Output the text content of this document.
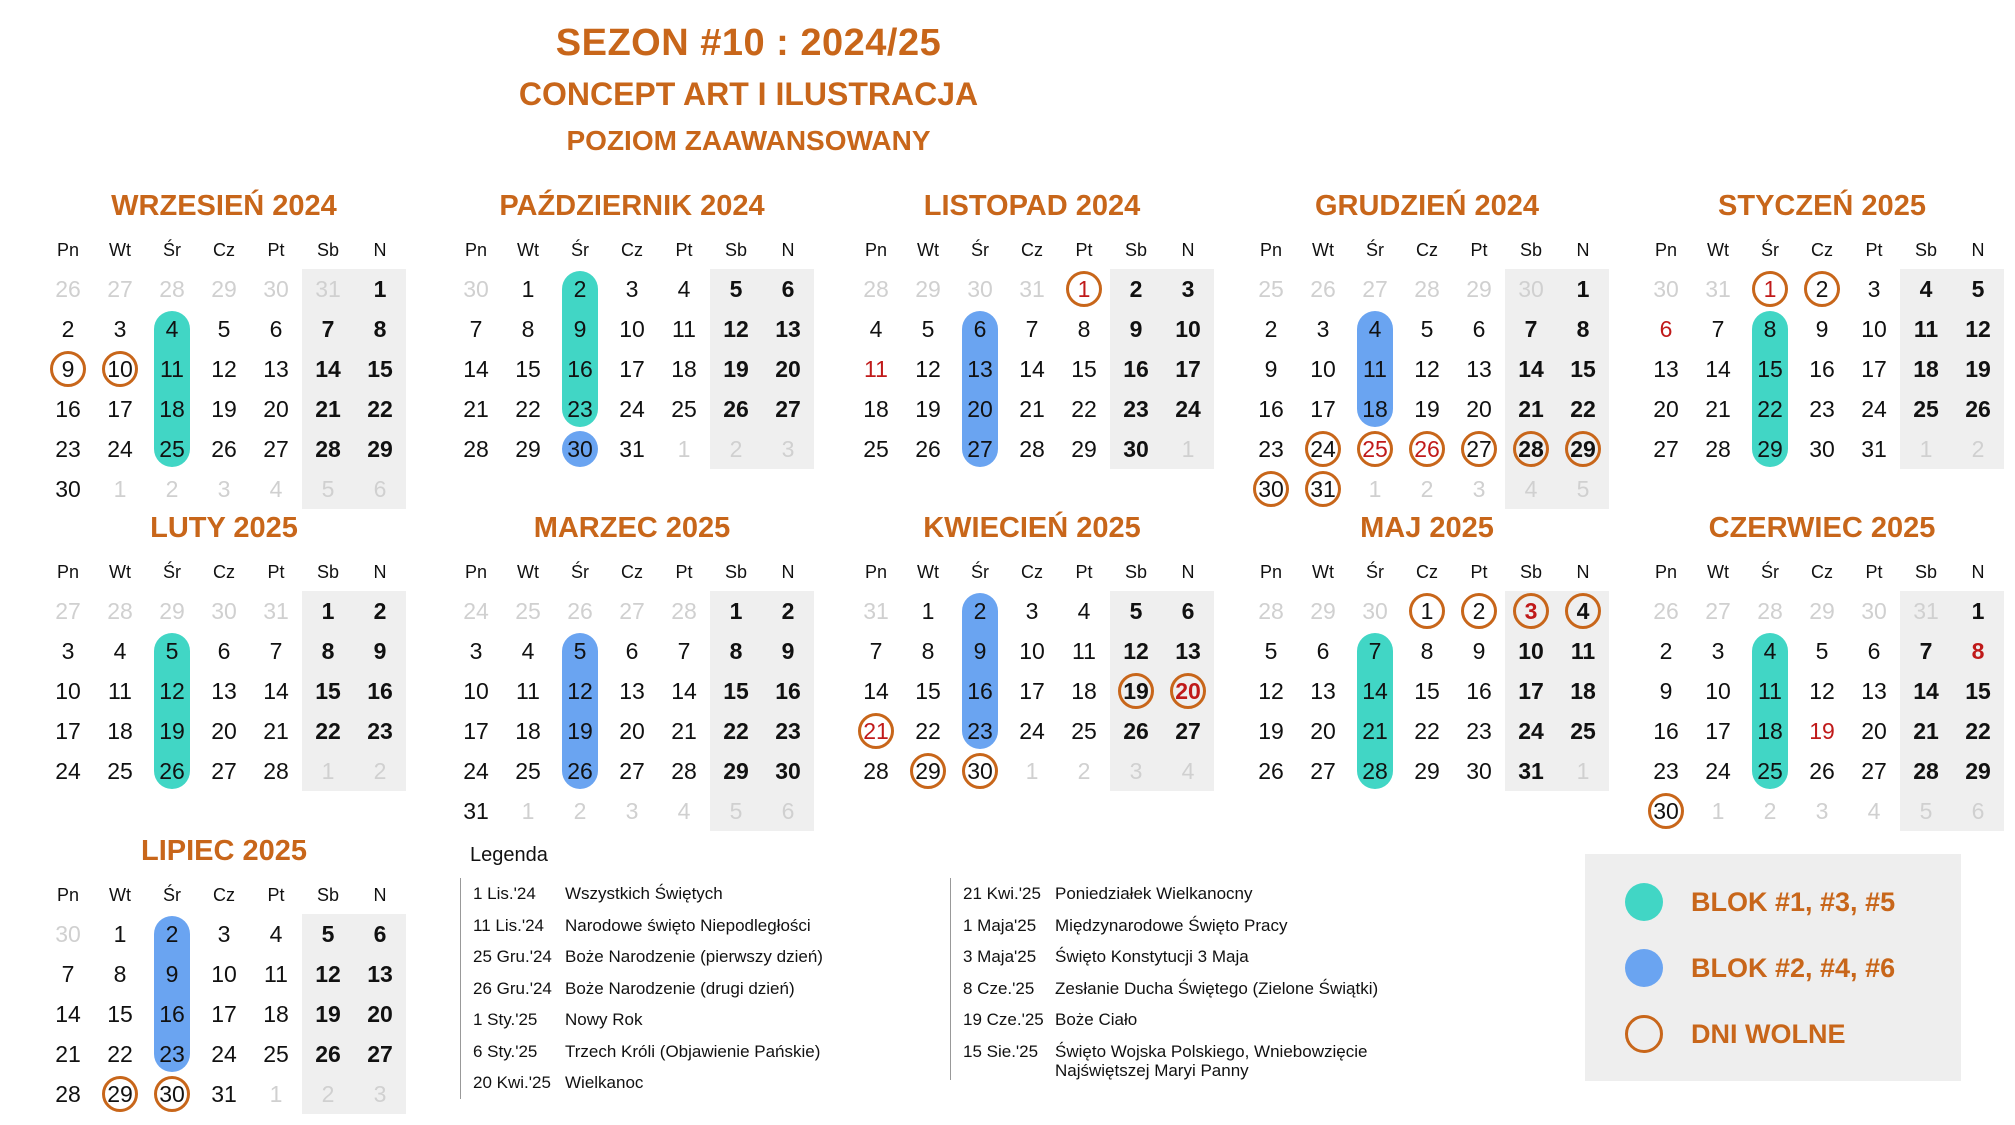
SEZON #10 : 2024/25
CONCEPT ART I ILUSTRACJA
POZIOM ZAAWANSOWANY
WRZESIEŃ 2024
Pn	Wt	Śr	Cz	Pt	Sb	N
26	27	28	29	30	31	1
2	3	4	5	6	7	8
9	10	11	12	13	14	15
16	17	18	19	20	21	22
23	24	25	26	27	28	29
30	1	2	3	4	5	6
PAŹDZIERNIK 2024
Pn	Wt	Śr	Cz	Pt	Sb	N
30	1	2	3	4	5	6
7	8	9	10	11	12	13
14	15	16	17	18	19	20
21	22	23	24	25	26	27
28	29	30	31	1	2	3
LISTOPAD 2024
Pn	Wt	Śr	Cz	Pt	Sb	N
28	29	30	31	1	2	3
4	5	6	7	8	9	10
11	12	13	14	15	16	17
18	19	20	21	22	23	24
25	26	27	28	29	30	1
GRUDZIEŃ 2024
Pn	Wt	Śr	Cz	Pt	Sb	N
25	26	27	28	29	30	1
2	3	4	5	6	7	8
9	10	11	12	13	14	15
16	17	18	19	20	21	22
23	24	25	26	27	28	29
30	31	1	2	3	4	5
STYCZEŃ 2025
Pn	Wt	Śr	Cz	Pt	Sb	N
30	31	1	2	3	4	5
6	7	8	9	10	11	12
13	14	15	16	17	18	19
20	21	22	23	24	25	26
27	28	29	30	31	1	2
LUTY 2025
Pn	Wt	Śr	Cz	Pt	Sb	N
27	28	29	30	31	1	2
3	4	5	6	7	8	9
10	11	12	13	14	15	16
17	18	19	20	21	22	23
24	25	26	27	28	1	2
MARZEC 2025
Pn	Wt	Śr	Cz	Pt	Sb	N
24	25	26	27	28	1	2
3	4	5	6	7	8	9
10	11	12	13	14	15	16
17	18	19	20	21	22	23
24	25	26	27	28	29	30
31	1	2	3	4	5	6
KWIECIEŃ 2025
Pn	Wt	Śr	Cz	Pt	Sb	N
31	1	2	3	4	5	6
7	8	9	10	11	12	13
14	15	16	17	18	19	20
21	22	23	24	25	26	27
28	29	30	1	2	3	4
MAJ 2025
Pn	Wt	Śr	Cz	Pt	Sb	N
28	29	30	1	2	3	4
5	6	7	8	9	10	11
12	13	14	15	16	17	18
19	20	21	22	23	24	25
26	27	28	29	30	31	1
CZERWIEC 2025
Pn	Wt	Śr	Cz	Pt	Sb	N
26	27	28	29	30	31	1
2	3	4	5	6	7	8
9	10	11	12	13	14	15
16	17	18	19	20	21	22
23	24	25	26	27	28	29
30	1	2	3	4	5	6
LIPIEC 2025
Pn	Wt	Śr	Cz	Pt	Sb	N
30	1	2	3	4	5	6
7	8	9	10	11	12	13
14	15	16	17	18	19	20
21	22	23	24	25	26	27
28	29	30	31	1	2	3
Legenda
1 Lis.'24 Wszystkich Świętych
11 Lis.'24 Narodowe święto Niepodległości
25 Gru.'24 Boże Narodzenie (pierwszy dzień)
26 Gru.'24 Boże Narodzenie (drugi dzień)
1 Sty.'25 Nowy Rok
6 Sty.'25 Trzech Króli (Objawienie Pańskie)
20 Kwi.'25 Wielkanoc
21 Kwi.'25 Poniedziałek Wielkanocny
1 Maja'25 Międzynarodowe Święto Pracy
3 Maja'25 Święto Konstytucji 3 Maja
8 Cze.'25 Zesłanie Ducha Świętego (Zielone Świątki)
19 Cze.'25 Boże Ciało
15 Sie.'25 Święto Wojska Polskiego, Wniebowzięcie Najświętszej Maryi Panny
BLOK #1, #3, #5
BLOK #2, #4, #6
DNI WOLNE
